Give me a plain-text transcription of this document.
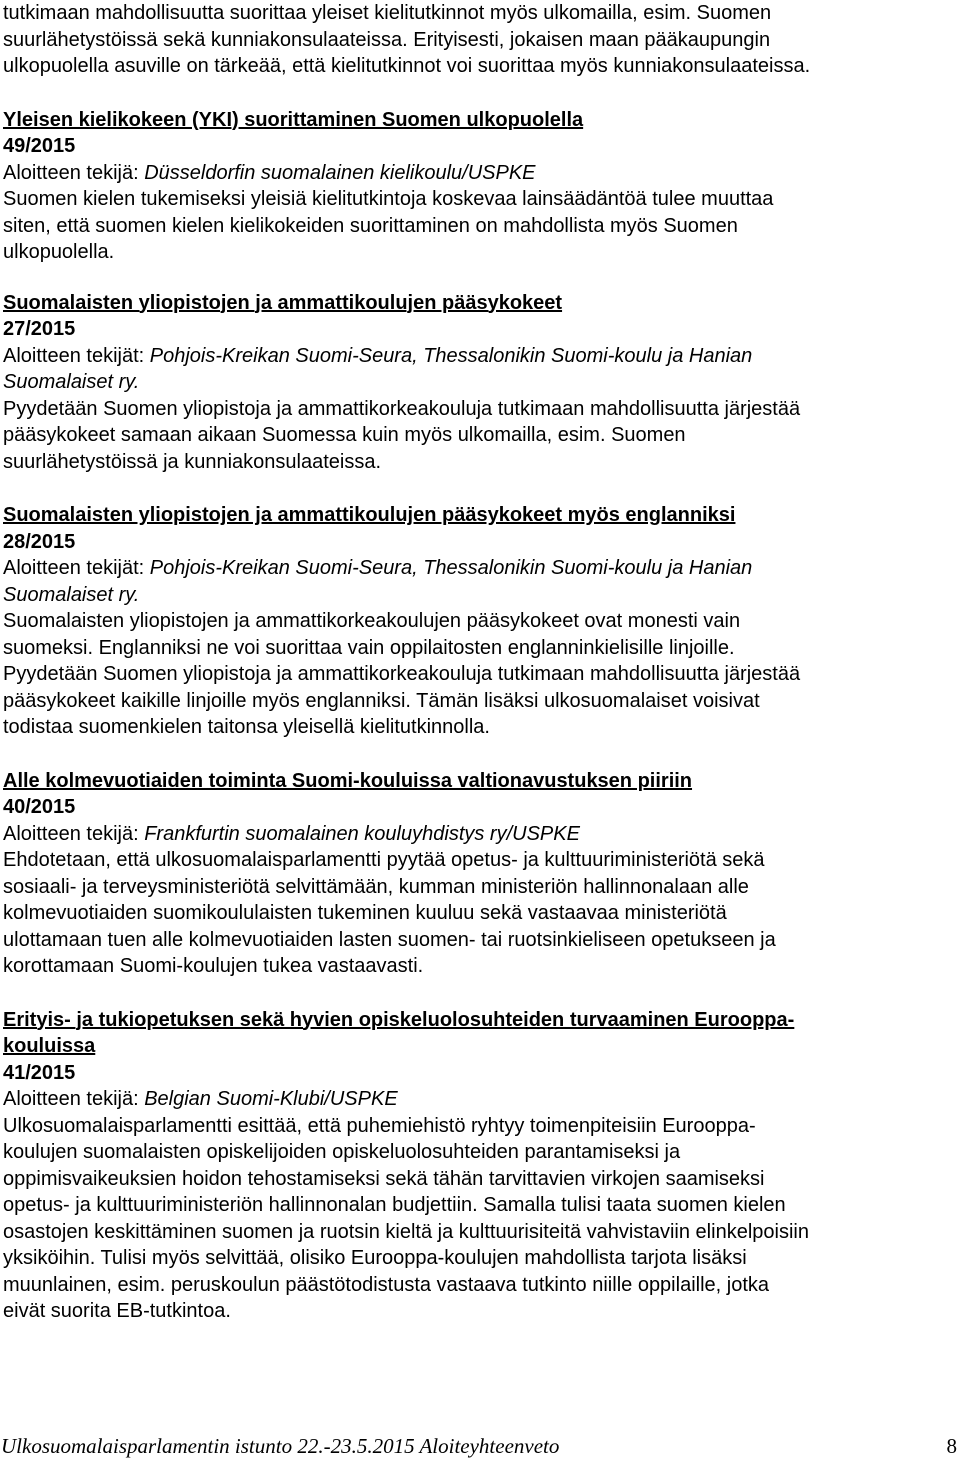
tutkimaan mahdollisuutta suorittaa yleiset kielitutkinnot myös ulkomailla, esim. Suomen
suurlähetystöissä sekä kunniakonsulaateissa. Erityisesti, jokaisen maan pääkaupungin
ulkopuolella asuville on tärkeää, että kielitutkinnot voi suorittaa myös kunniakonsulaateissa.
Yleisen kielikokeen (YKI) suorittaminen Suomen ulkopuolella
49/2015
Aloitteen tekijä: Düsseldorfin suomalainen kielikoulu/USPKE
Suomen kielen tukemiseksi yleisiä kielitutkintoja koskevaa lainsäädäntöä tulee muuttaa
siten, että suomen kielen kielikokeiden suorittaminen on mahdollista myös Suomen
ulkopuolella.
Suomalaisten yliopistojen ja ammattikoulujen pääsykokeet
27/2015
Aloitteen tekijät: Pohjois-Kreikan Suomi-Seura, Thessalonikin Suomi-koulu ja Hanian
Suomalaiset ry.
Pyydetään Suomen yliopistoja ja ammattikorkeakouluja tutkimaan mahdollisuutta järjestää
pääsykokeet samaan aikaan Suomessa kuin myös ulkomailla, esim. Suomen
suurlähetystöissä ja kunniakonsulaateissa.
Suomalaisten yliopistojen ja ammattikoulujen pääsykokeet myös englanniksi
28/2015
Aloitteen tekijät: Pohjois-Kreikan Suomi-Seura, Thessalonikin Suomi-koulu ja Hanian
Suomalaiset ry.
Suomalaisten yliopistojen ja ammattikorkeakoulujen pääsykokeet ovat monesti vain
suomeksi. Englanniksi ne voi suorittaa vain oppilaitosten englanninkielisille linjoille.
Pyydetään Suomen yliopistoja ja ammattikorkeakouluja tutkimaan mahdollisuutta järjestää
pääsykokeet kaikille linjoille myös englanniksi. Tämän lisäksi ulkosuomalaiset voisivat
todistaa suomenkielen taitonsa yleisellä kielitutkinnolla.
Alle kolmevuotiaiden toiminta Suomi-kouluissa valtionavustuksen piiriin
40/2015
Aloitteen tekijä: Frankfurtin suomalainen kouluyhdistys ry/USPKE
Ehdotetaan, että ulkosuomalaisparlamentti pyytää opetus- ja kulttuuriministeriötä sekä
sosiaali- ja terveysministeriötä selvittämään, kumman ministeriön hallinnonalaan alle
kolmevuotiaiden suomikoululaisten tukeminen kuuluu sekä vastaavaa ministeriötä
ulottamaan tuen alle kolmevuotiaiden lasten suomen- tai ruotsinkieliseen opetukseen ja
korottamaan Suomi-koulujen tukea vastaavasti.
Erityis- ja tukiopetuksen sekä hyvien opiskeluolosuhteiden turvaaminen Eurooppa-
kouluissa
41/2015
Aloitteen tekijä: Belgian Suomi-Klubi/USPKE
Ulkosuomalaisparlamentti esittää, että puhemiehistö ryhtyy toimenpiteisiin Eurooppa-
koulujen suomalaisten opiskelijoiden opiskeluolosuhteiden parantamiseksi ja
oppimisvaikeuksien hoidon tehostamiseksi sekä tähän tarvittavien virkojen saamiseksi
opetus- ja kulttuuriministeriön hallinnonalan budjettiin. Samalla tulisi taata suomen kielen
osastojen keskittäminen suomen ja ruotsin kieltä ja kulttuurisiteitä vahvistaviin elinkelpoisiin
yksiköihin. Tulisi myös selvittää, olisiko Eurooppa-koulujen mahdollista tarjota lisäksi
muunlainen, esim. peruskoulun päästötodistusta vastaava tutkinto niille oppilaille, jotka
eivät suorita EB-tutkintoa.
Ulkosuomalaisparlamentin istunto 22.-23.5.2015 Aloiteyhteenveto	8
